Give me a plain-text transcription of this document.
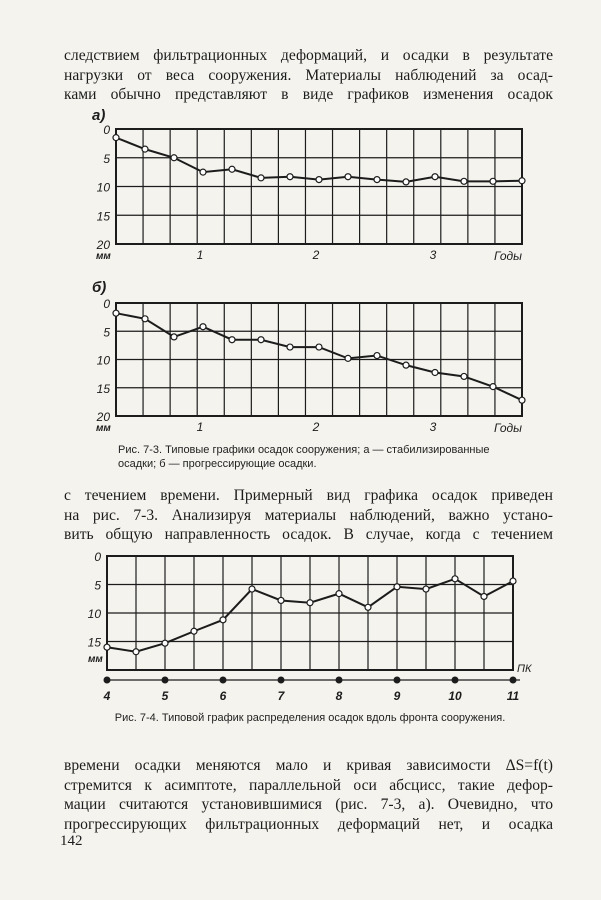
следствием фильтрационных деформаций, и осадки в результате
нагрузки от веса сооружения. Материалы наблюдений за осад-
ками обычно представляют в виде графиков изменения осадок
а)
0
5
10
15
20
мм	1	2	3	Годы
б)
0
5
10
15
20
мм	1	2	3	Годы

Рис. 7-3. Типовые графики осадок сооружения; а — стабилизированные осадки; б — прогрессирующие осадки.

с течением времени. Примерный вид графика осадок приведен
на рис. 7-3. Анализируя материалы наблюдений, важно устано-
вить общую направленность осадок. В случае, когда с течением
0
5
10
15
мм
ПК
4	5	6	7	8	9	10	11

Рис. 7-4. Типовой график распределения осадок вдоль фронта сооружения.

времени осадки меняются мало и кривая зависимости ΔS=f(t)
стремится к асимптоте, параллельной оси абсцисс, такие дефор-
мации считаются установившимися (рис. 7-3, а). Очевидно, что
прогрессирующих фильтрационных деформаций нет, и осадка

142
